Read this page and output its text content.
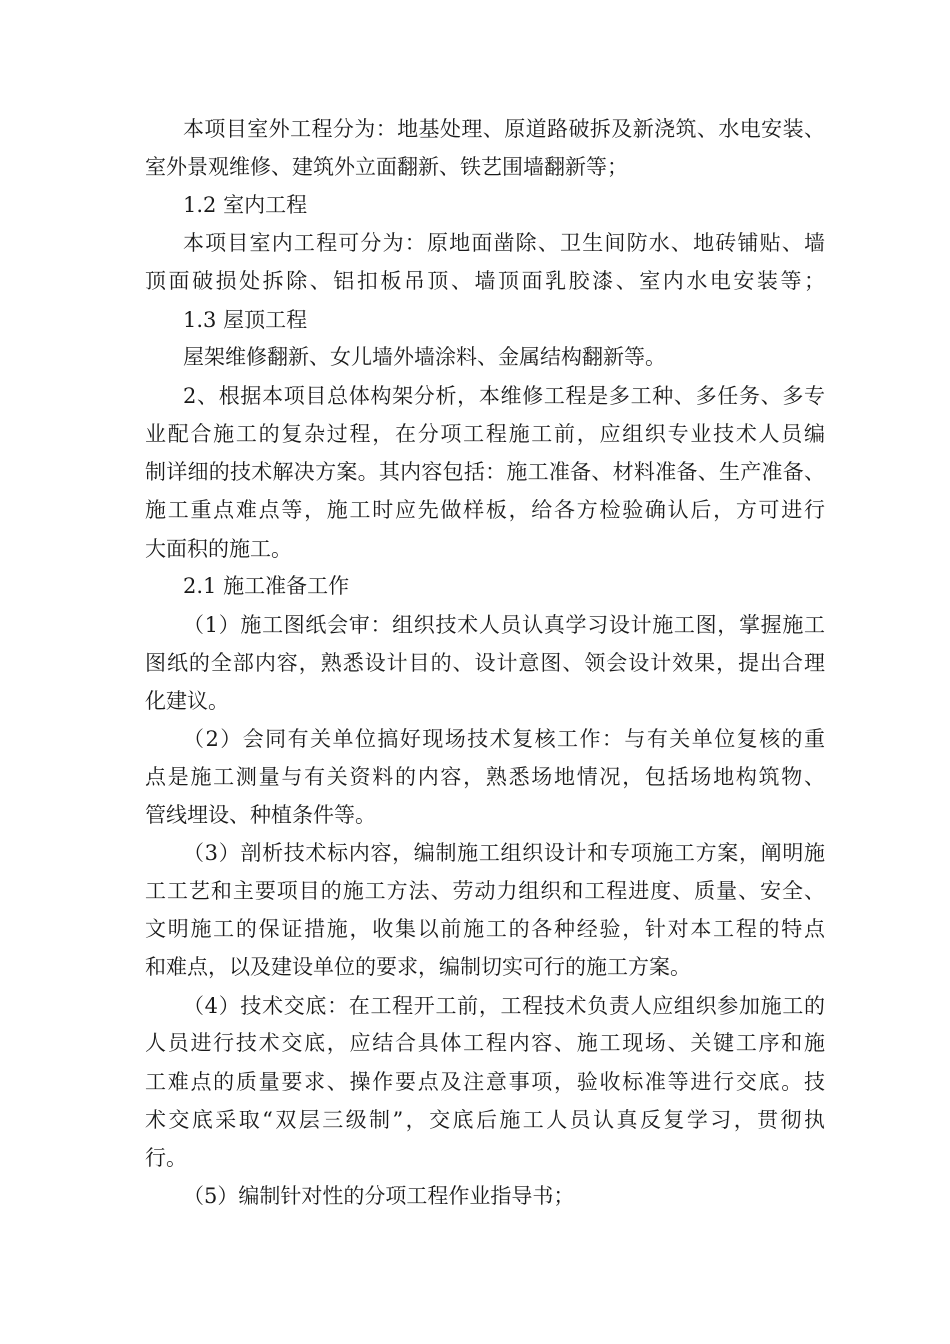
本项目室外工程分为：地基处理、原道路破拆及新浇筑、水电安装、
室外景观维修、建筑外立面翻新、铁艺围墙翻新等；
1.2 室内工程
本项目室内工程可分为：原地面凿除、卫生间防水、地砖铺贴、墙
顶面破损处拆除、铝扣板吊顶、墙顶面乳胶漆、室内水电安装等；
1.3 屋顶工程
屋架维修翻新、女儿墙外墙涂料、金属结构翻新等。
2、根据本项目总体构架分析，本维修工程是多工种、多任务、多专
业配合施工的复杂过程，在分项工程施工前，应组织专业技术人员编
制详细的技术解决方案。其内容包括：施工准备、材料准备、生产准备、
施工重点难点等，施工时应先做样板，给各方检验确认后，方可进行
大面积的施工。
2.1 施工准备工作
（1）施工图纸会审：组织技术人员认真学习设计施工图，掌握施工
图纸的全部内容，熟悉设计目的、设计意图、领会设计效果，提出合理
化建议。
（2）会同有关单位搞好现场技术复核工作：与有关单位复核的重
点是施工测量与有关资料的内容，熟悉场地情况，包括场地构筑物、
管线埋设、种植条件等。
（3）剖析技术标内容，编制施工组织设计和专项施工方案，阐明施
工工艺和主要项目的施工方法、劳动力组织和工程进度、质量、安全、
文明施工的保证措施，收集以前施工的各种经验，针对本工程的特点
和难点，以及建设单位的要求，编制切实可行的施工方案。
（4）技术交底：在工程开工前，工程技术负责人应组织参加施工的
人员进行技术交底，应结合具体工程内容、施工现场、关键工序和施
工难点的质量要求、操作要点及注意事项，验收标准等进行交底。技
术交底采取“双层三级制”，交底后施工人员认真反复学习，贯彻执
行。
（5）编制针对性的分项工程作业指导书；
